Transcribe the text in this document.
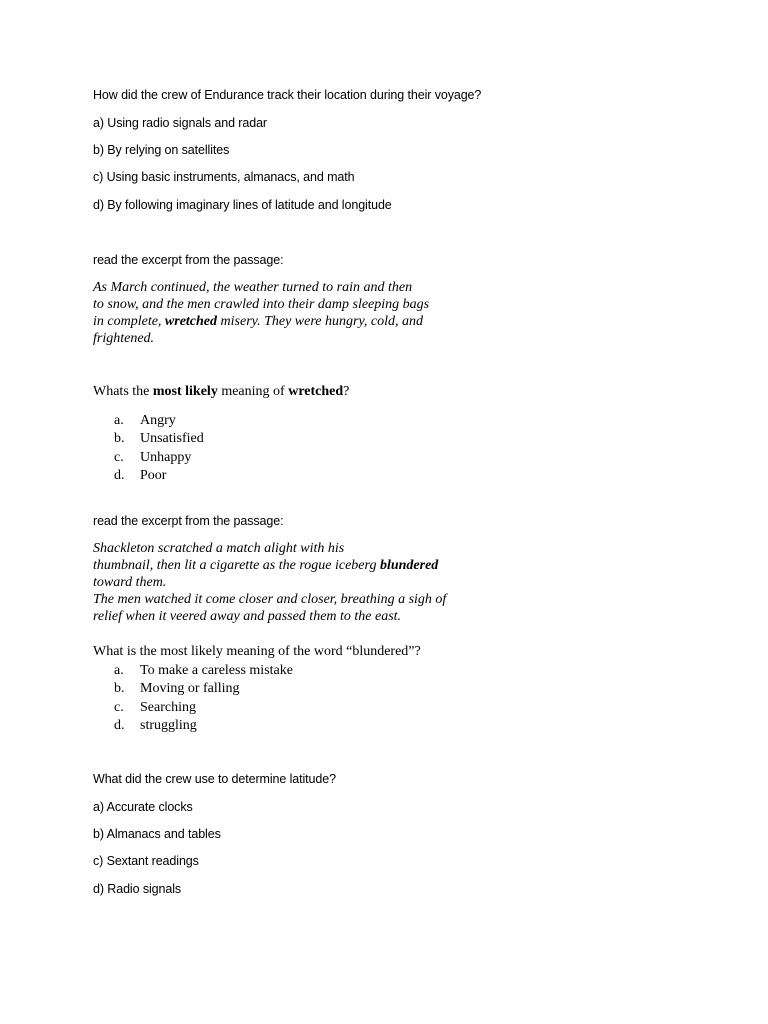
How did the crew of Endurance track their location during their voyage?

a) Using radio signals and radar

b) By relying on satellites

c) Using basic instruments, almanacs, and math

d) By following imaginary lines of latitude and longitude

read the excerpt from the passage:

As March continued, the weather turned to rain and then
to snow, and the men crawled into their damp sleeping bags
in complete, wretched misery. They were hungry, cold, and
frightened.

Whats the most likely meaning of wretched?

a. Angry
b. Unsatisfied
c. Unhappy
d. Poor

read the excerpt from the passage:

Shackleton scratched a match alight with his
thumbnail, then lit a cigarette as the rogue iceberg blundered
toward them.
The men watched it come closer and closer, breathing a sigh of
relief when it veered away and passed them to the east.

What is the most likely meaning of the word “blundered”?

a. To make a careless mistake
b. Moving or falling
c. Searching
d. struggling

What did the crew use to determine latitude?

a) Accurate clocks

b) Almanacs and tables

c) Sextant readings

d) Radio signals
